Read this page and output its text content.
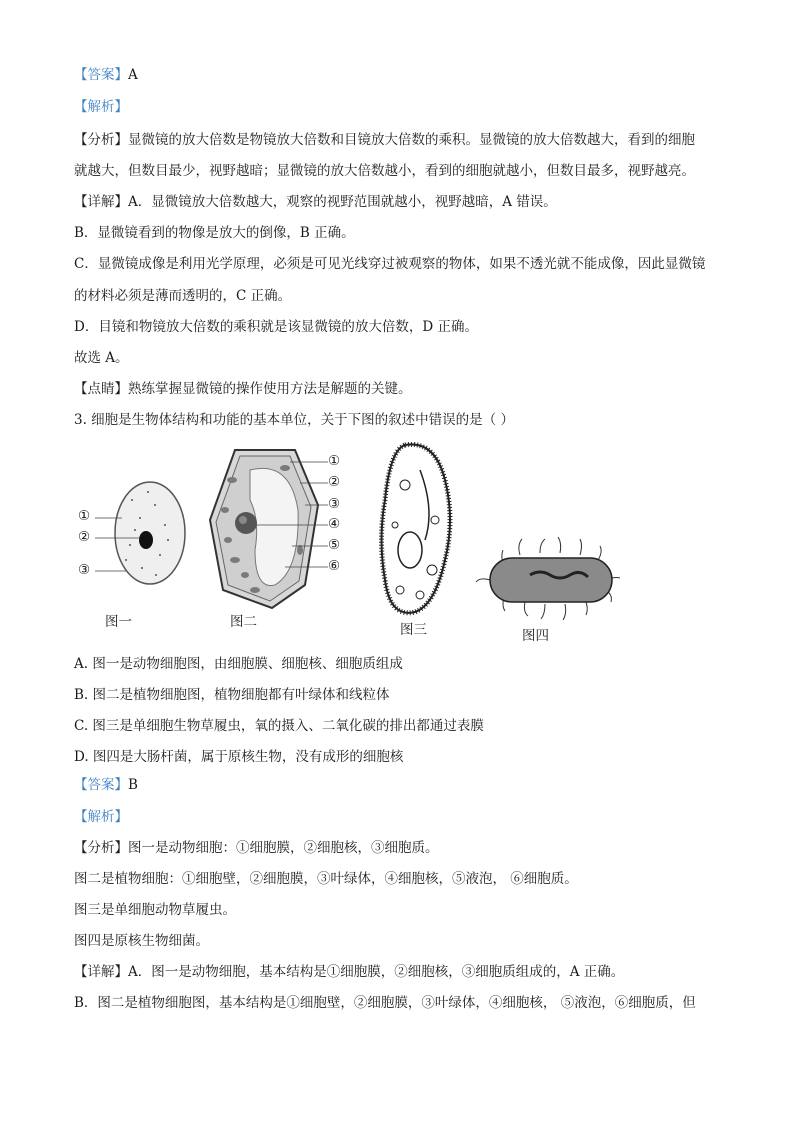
【答案】A
【解析】
【分析】显微镜的放大倍数是物镜放大倍数和目镜放大倍数的乘积。显微镜的放大倍数越大，看到的细胞
就越大，但数目最少，视野越暗；显微镜的放大倍数越小，看到的细胞就越小，但数目最多，视野越亮。
【详解】A．显微镜放大倍数越大，观察的视野范围就越小，视野越暗，A 错误。
B．显微镜看到的物像是放大的倒像，B 正确。
C．显微镜成像是利用光学原理，必须是可见光线穿过被观察的物体，如果不透光就不能成像，因此显微镜
的材料必须是薄而透明的，C 正确。
D．目镜和物镜放大倍数的乘积就是该显微镜的放大倍数，D 正确。
故选 A。
【点睛】熟练掌握显微镜的操作使用方法是解题的关键。
3. 细胞是生物体结构和功能的基本单位，关于下图的叙述中错误的是（ ）
①
②
③
①
②
③
④
⑤
⑥
图一	图二	图三	图四
A. 图一是动物细胞图，由细胞膜、细胞核、细胞质组成
B. 图二是植物细胞图，植物细胞都有叶绿体和线粒体
C. 图三是单细胞生物草履虫，氧的摄入、二氧化碳的排出都通过表膜
D. 图四是大肠杆菌，属于原核生物，没有成形的细胞核
【答案】B
【解析】
【分析】图一是动物细胞：①细胞膜，②细胞核，③细胞质。
图二是植物细胞：①细胞壁，②细胞膜，③叶绿体，④细胞核，⑤液泡， ⑥细胞质。
图三是单细胞动物草履虫。
图四是原核生物细菌。
【详解】A．图一是动物细胞，基本结构是①细胞膜，②细胞核，③细胞质组成的，A 正确。
B．图二是植物细胞图，基本结构是①细胞壁，②细胞膜，③叶绿体，④细胞核， ⑤液泡，⑥细胞质，但
